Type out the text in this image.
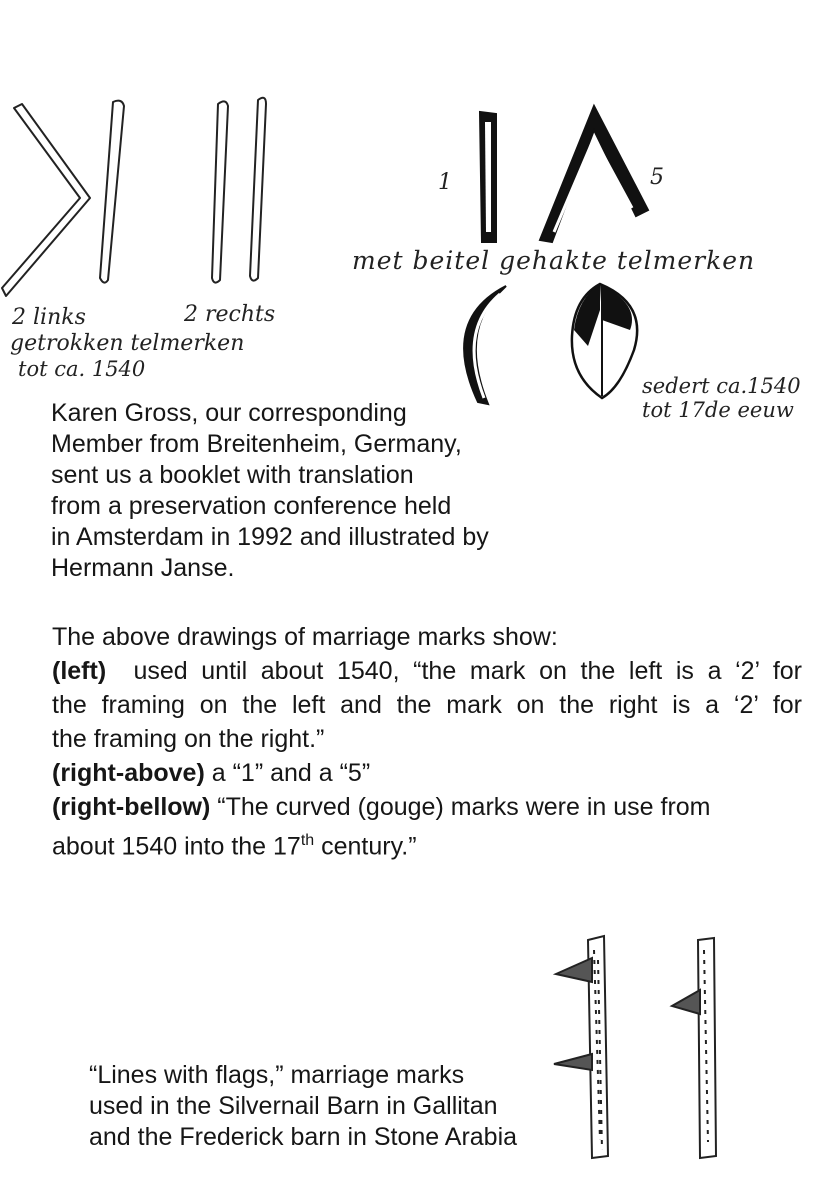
2 links	2 rechts
getrokken telmerken
tot ca. 1540
1	5
met beitel gehakte telmerken
sedert ca.1540
tot 17de eeuw
Karen Gross, our corresponding
Member from Breitenheim, Germany,
sent us a booklet with translation
from a preservation conference held
in Amsterdam in 1992 and illustrated by
Hermann Janse.

The above drawings of marriage marks show:

(left) used until about 1540, “the mark on the left is a ‘2’ for

the framing on the left and the mark on the right is a ‘2’ for

the framing on the right.”

(right-above) a “1” and a “5”

(right-bellow) “The curved (gouge) marks were in use from

about 1540 into the 17th century.”

“Lines with flags,” marriage marks
used in the Silvernail Barn in Gallitan
and the Frederick barn in Stone Arabia
